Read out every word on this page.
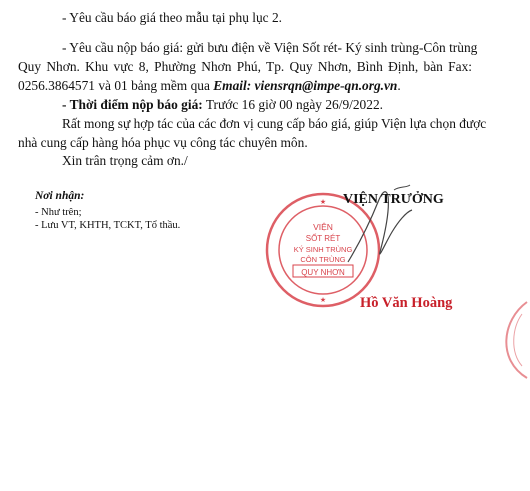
- Yêu cầu báo giá theo mẫu tại phụ lục 2.
- Yêu cầu nộp báo giá: gửi bưu điện về Viện Sốt rét- Ký sinh trùng-Côn trùng
Quy Nhơn. Khu vực 8, Phường Nhơn Phú, Tp. Quy Nhơn, Bình Định, bàn Fax:
0256.3864571 và 01 bảng mềm qua Email: viensrqn@impe-qn.org.vn.
- Thời điểm nộp báo giá: Trước 16 giờ 00 ngày 26/9/2022.
Rất mong sự hợp tác của các đơn vị cung cấp báo giá, giúp Viện lựa chọn được
nhà cung cấp hàng hóa phục vụ công tác chuyên môn.
Xin trân trọng cảm ơn./
Nơi nhận:
- Như trên;
- Lưu VT, KHTH, TCKT, Tổ thầu.
★
★
VIỆN
SỐT RÉT
KÝ SINH TRÙNG
CÔN TRÙNG
QUY NHƠN
VIỆN TRƯỞNG
Hồ Văn Hoàng
